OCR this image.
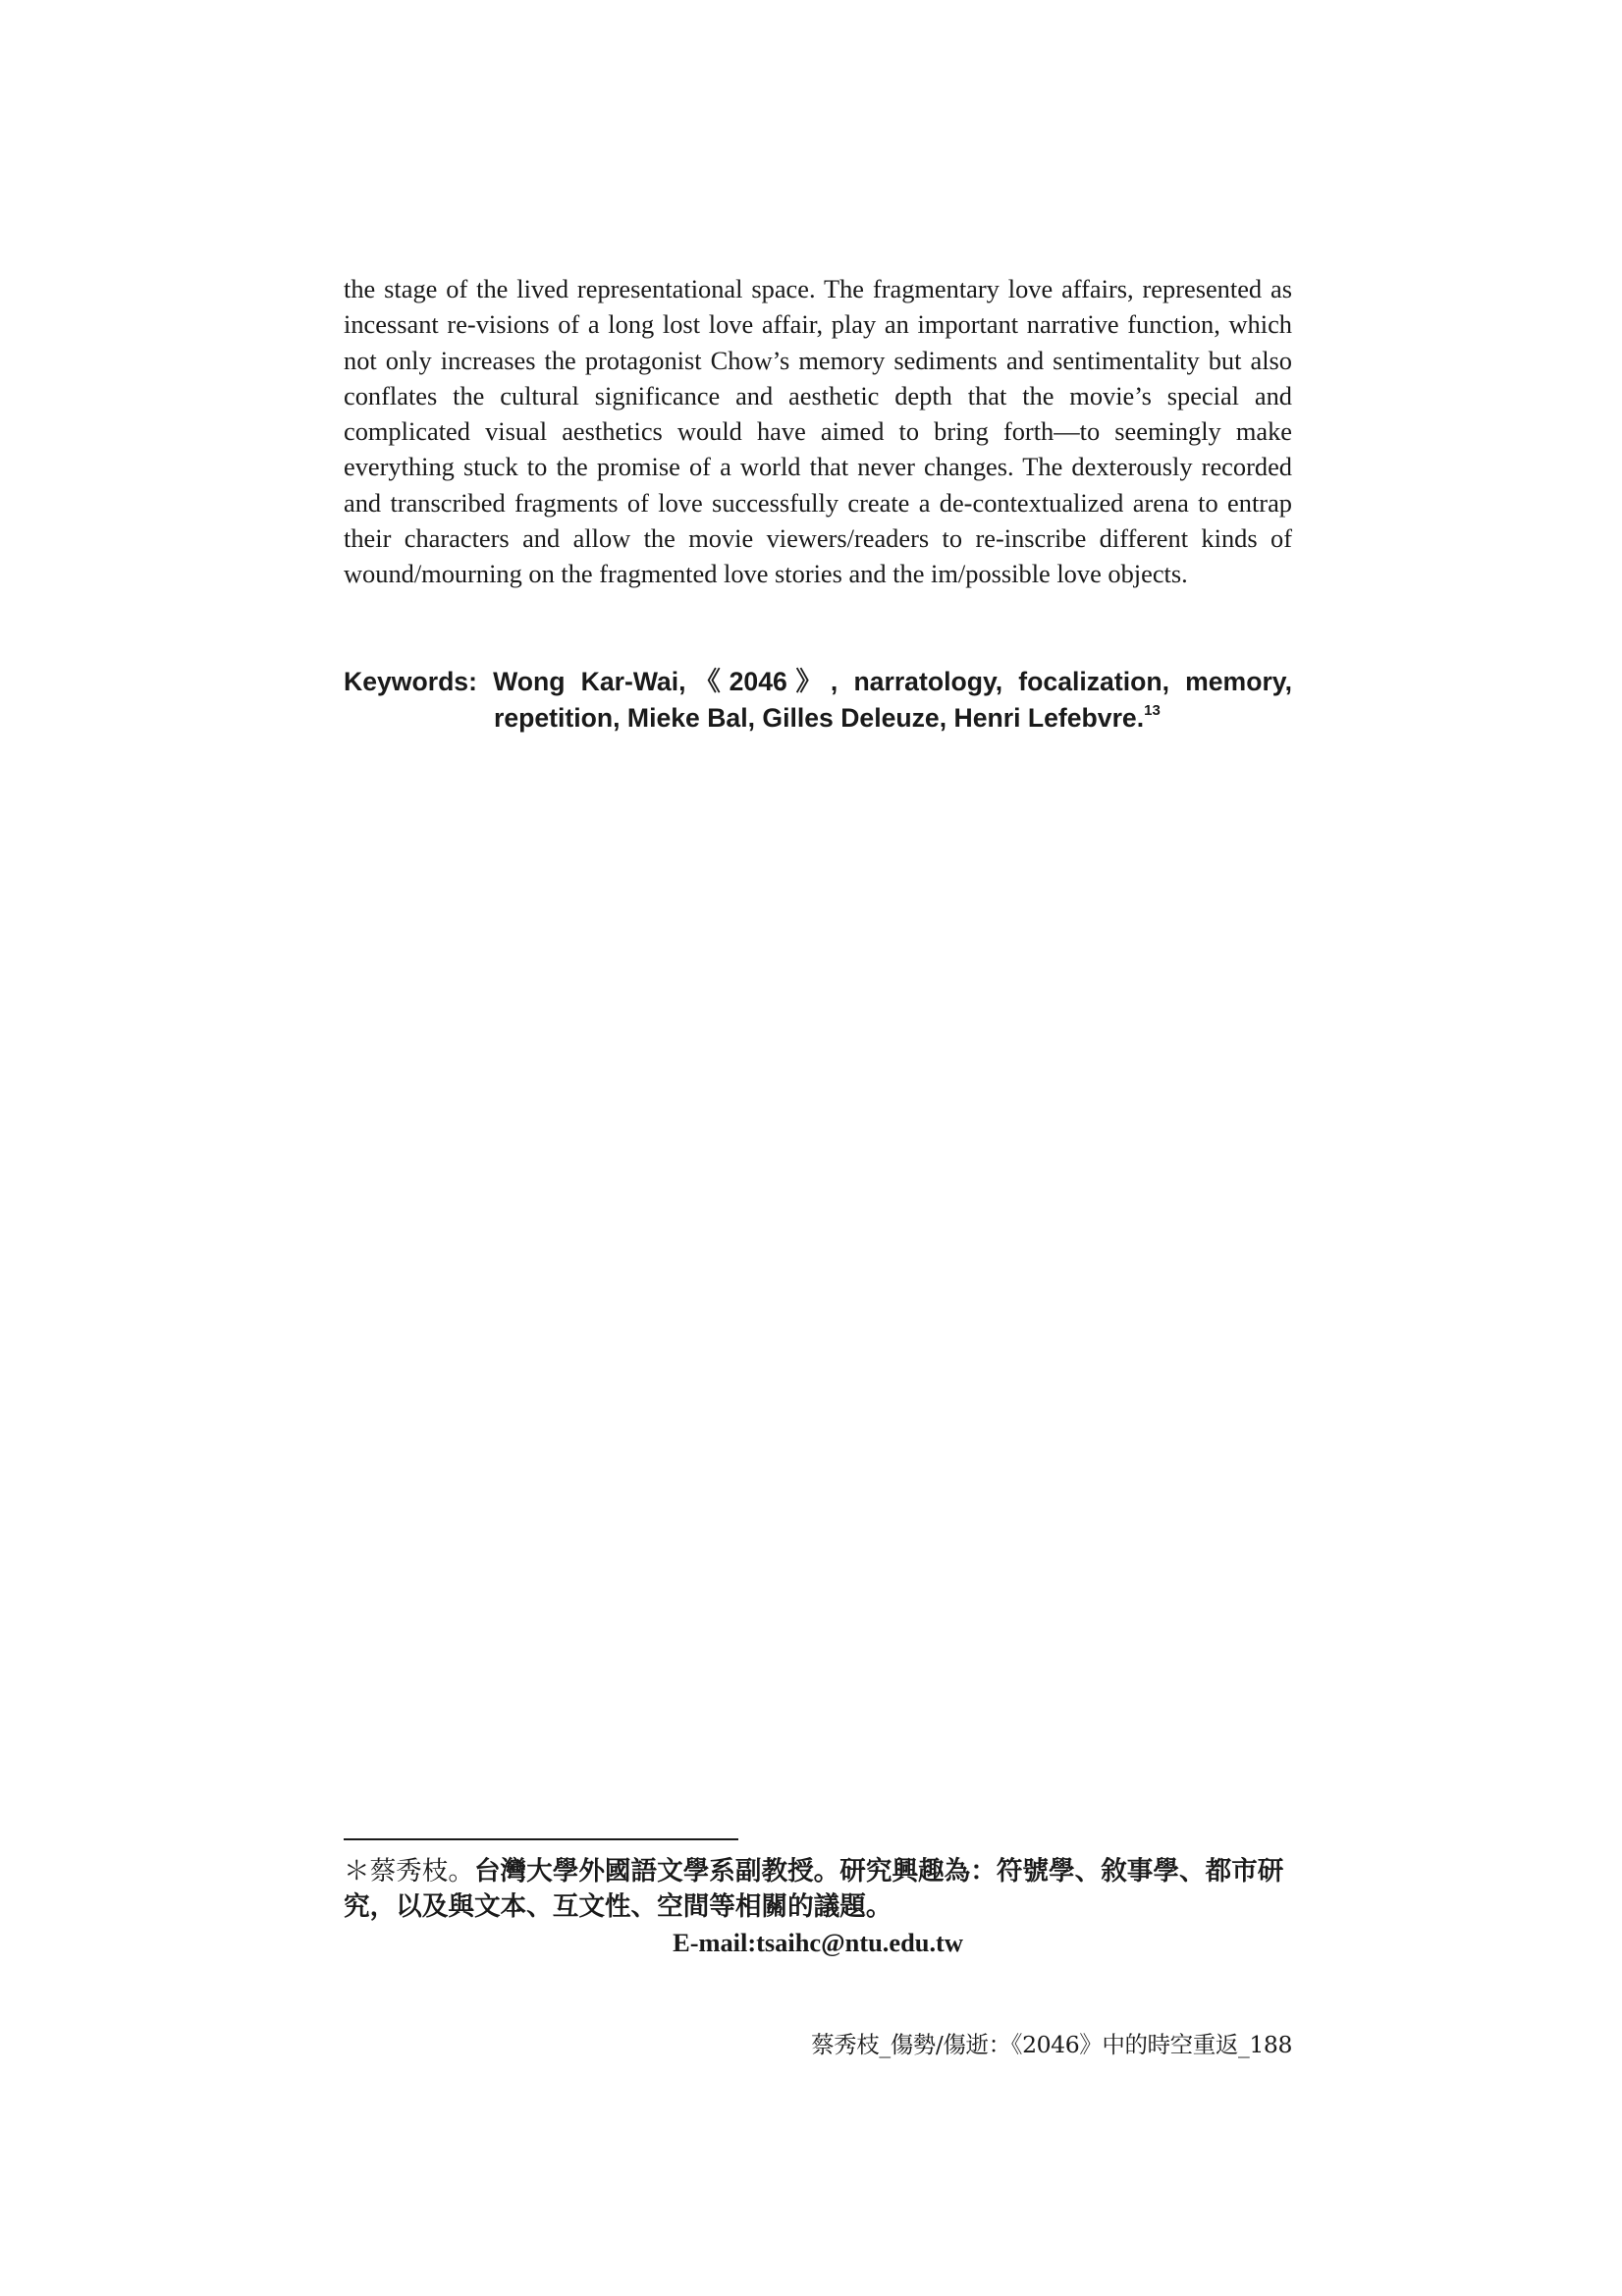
the stage of the lived representational space. The fragmentary love affairs, represented as incessant re-visions of a long lost love affair, play an important narrative function, which not only increases the protagonist Chow’s memory sediments and sentimentality but also conflates the cultural significance and aesthetic depth that the movie’s special and complicated visual aesthetics would have aimed to bring forth—to seemingly make everything stuck to the promise of a world that never changes. The dexterously recorded and transcribed fragments of love successfully create a de-contextualized arena to entrap their characters and allow the movie viewers/readers to re-inscribe different kinds of wound/mourning on the fragmented love stories and the im/possible love objects.

Keywords: Wong Kar-Wai,《2046》, narratology, focalization, memory,
repetition, Mieke Bal, Gilles Deleuze, Henri Lefebvre.$^{13}$

＊蔡秀枝。台灣大學外國語文學系副教授。研究興趣為：符號學、敘事學、都市研究，以及與文本、互文性、空間等相關的議題。

E-mail:tsaihc@ntu.edu.tw

蔡秀枝_傷勢/傷逝：《2046》中的時空重返_188
